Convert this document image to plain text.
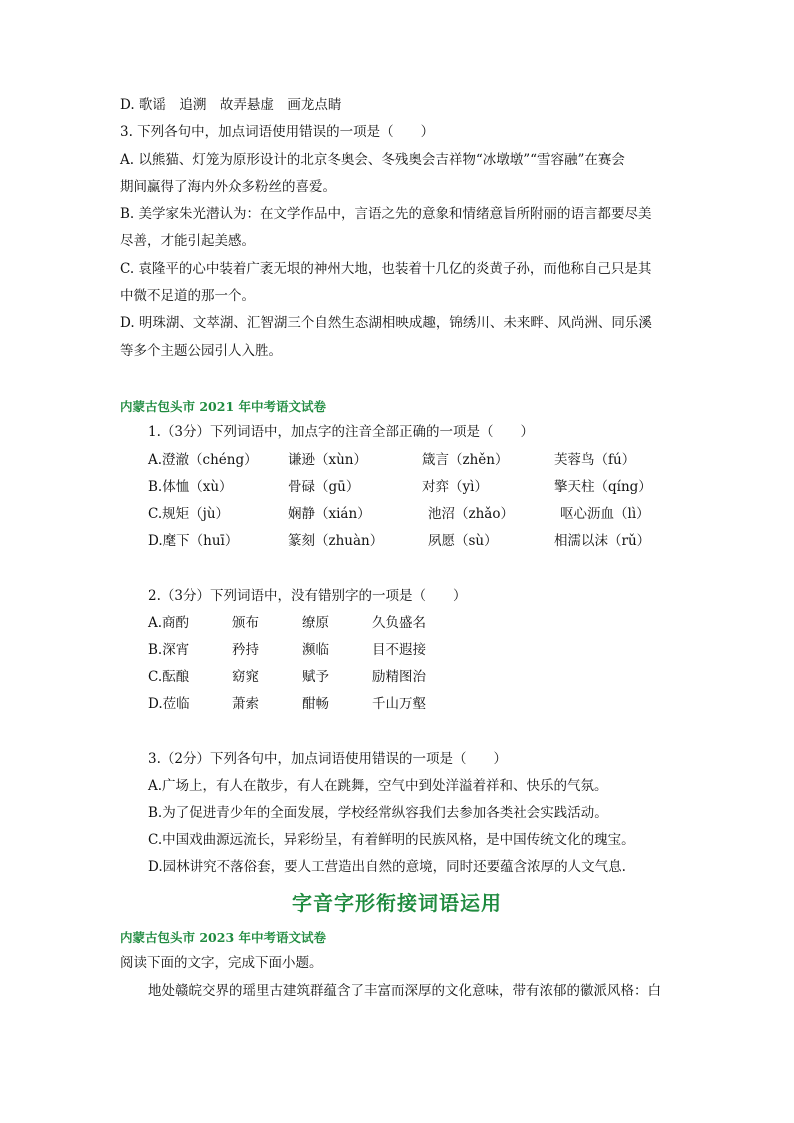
D. 歌谣　追溯　故弄悬虚　画龙点睛
3. 下列各句中，加点词语使用错误的一项是（　　）
A. 以熊猫、灯笼为原形设计的北京冬奥会、冬残奥会吉祥物“冰墩墩”“雪容融”在赛会
期间赢得了海内外众多粉丝的喜爱。
B. 美学家朱光潜认为：在文学作品中，言语之先的意象和情绪意旨所附丽的语言都要尽美
尽善，才能引起美感。
C. 袁隆平的心中装着广袤无垠的神州大地，也装着十几亿的炎黄子孙，而他称自己只是其
中微不足道的那一个。
D. 明珠湖、文萃湖、汇智湖三个自然生态湖相映成趣，锦绣川、未来畔、风尚洲、同乐溪
等多个主题公园引人入胜。
内蒙古包头市 2021 年中考语文试卷
1.（3分）下列词语中，加点字的注音全部正确的一项是（　　）
A.澄澈（chéng） 谦逊（xùn）	箴言（zhěn）	芙蓉鸟（fú）
B.体恤（xù）	骨碌（gū）	对弈（yì）	擎天柱（qíng）
C.规矩（jù）	娴静（xián）	池沼（zhǎo）	呕心沥血（lì）
D.麾下（huī）	篆刻（zhuàn）	夙愿（sù）	相濡以沫（rǔ）
2.（3分）下列词语中，没有错别字的一项是（　　）
A.商酌	颁布	缭原	久负盛名
B.深宵	矜持	濒临	目不遐接
C.酝酿	窈窕	赋予	励精图治
D.莅临	萧索	酣畅	千山万壑
3.（2分）下列各句中，加点词语使用错误的一项是（　　）
A.广场上，有人在散步，有人在跳舞，空气中到处洋溢着祥和、快乐的气氛。
B.为了促进青少年的全面发展，学校经常纵容我们去参加各类社会实践活动。
C.中国戏曲源远流长，异彩纷呈，有着鲜明的民族风格，是中国传统文化的瑰宝。
D.园林讲究不落俗套，要人工营造出自然的意境，同时还要蕴含浓厚的人文气息.
字音字形衔接词语运用
内蒙古包头市 2023 年中考语文试卷
阅读下面的文字，完成下面小题。
地处赣皖交界的瑶里古建筑群蕴含了丰富而深厚的文化意味，带有浓郁的徽派风格：白
